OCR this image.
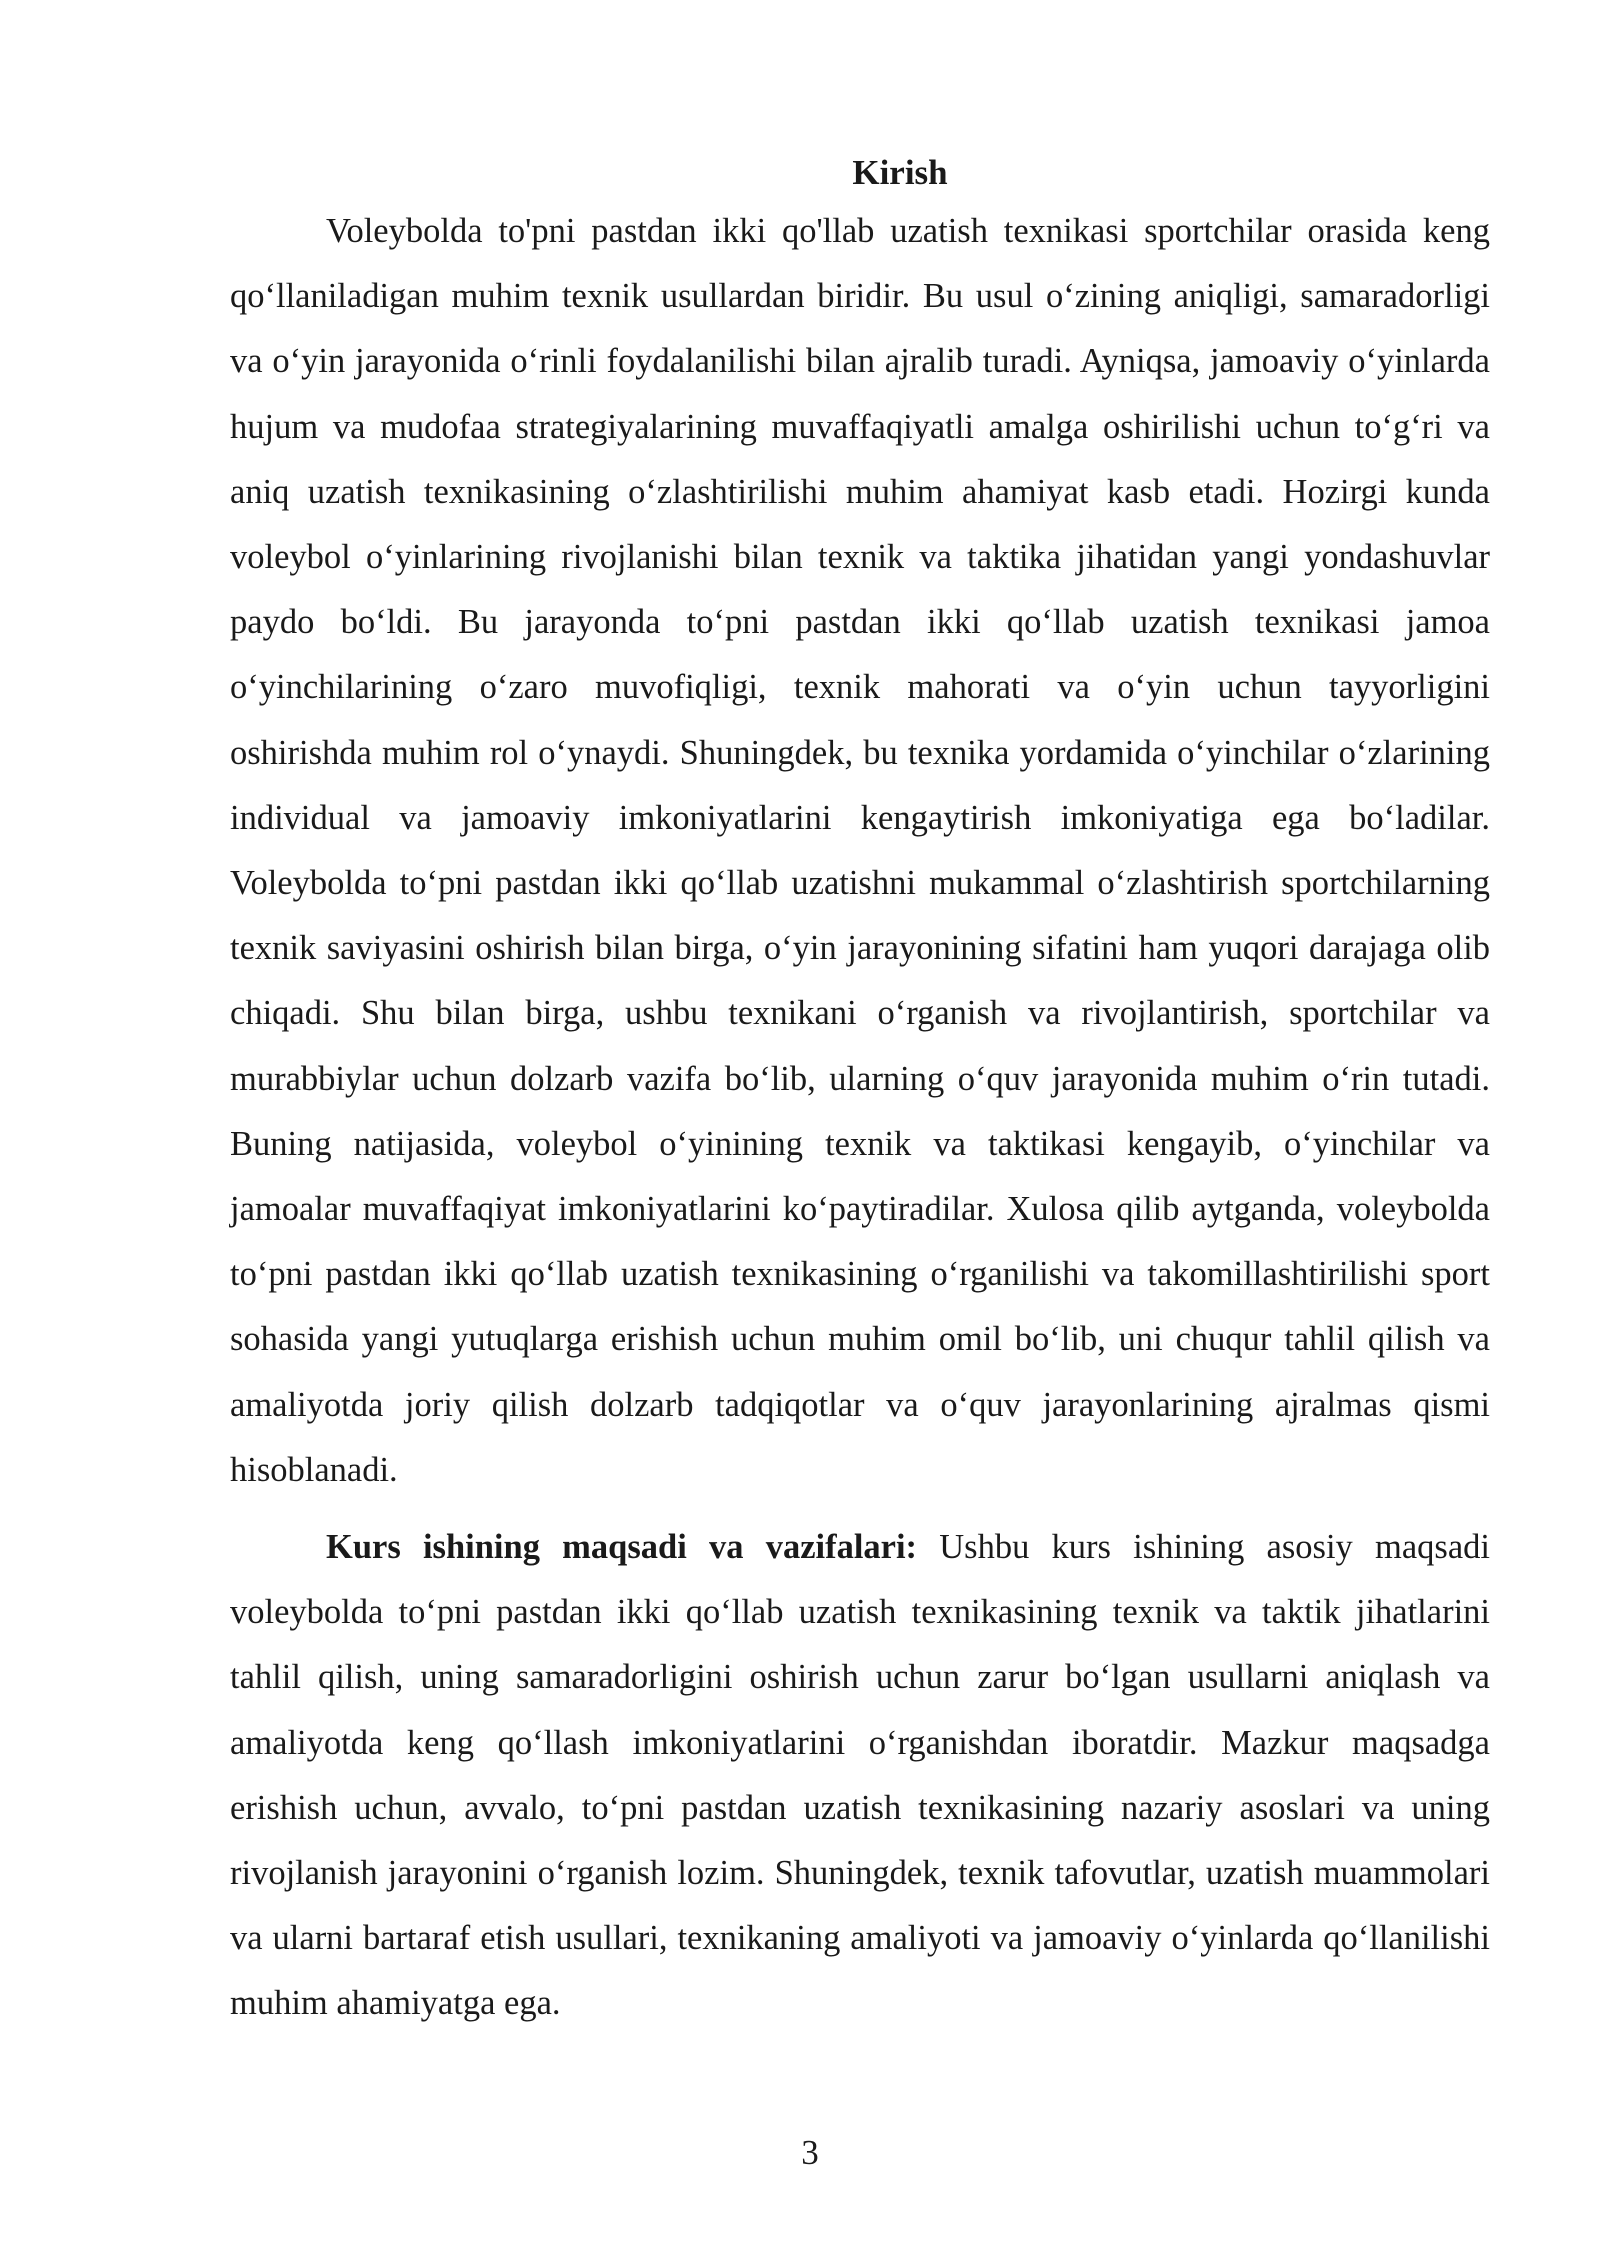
Kirish

Voleybolda to'pni pastdan ikki qo'llab uzatish texnikasi sportchilar orasida keng qo‘llaniladigan muhim texnik usullardan biridir. Bu usul o‘zining aniqligi, samaradorligi va o‘yin jarayonida o‘rinli foydalanilishi bilan ajralib turadi. Ayniqsa, jamoaviy o‘yinlarda hujum va mudofaa strategiyalarining muvaffaqiyatli amalga oshirilishi uchun to‘g‘ri va aniq uzatish texnikasining o‘zlashtirilishi muhim ahamiyat kasb etadi. Hozirgi kunda voleybol o‘yinlarining rivojlanishi bilan texnik va taktika jihatidan yangi yondashuvlar paydo bo‘ldi. Bu jarayonda to‘pni pastdan ikki qo‘llab uzatish texnikasi jamoa o‘yinchilarining o‘zaro muvofiqligi, texnik mahorati va o‘yin uchun tayyorligini oshirishda muhim rol o‘ynaydi. Shuningdek, bu texnika yordamida o‘yinchilar o‘zlarining individual va jamoaviy imkoniyatlarini kengaytirish imkoniyatiga ega bo‘ladilar. Voleybolda to‘pni pastdan ikki qo‘llab uzatishni mukammal o‘zlashtirish sportchilarning texnik saviyasini oshirish bilan birga, o‘yin jarayonining sifatini ham yuqori darajaga olib chiqadi. Shu bilan birga, ushbu texnikani o‘rganish va rivojlantirish, sportchilar va murabbiylar uchun dolzarb vazifa bo‘lib, ularning o‘quv jarayonida muhim o‘rin tutadi. Buning natijasida, voleybol o‘yinining texnik va taktikasi kengayib, o‘yinchilar va jamoalar muvaffaqiyat imkoniyatlarini ko‘paytiradilar. Xulosa qilib aytganda, voleybolda to‘pni pastdan ikki qo‘llab uzatish texnikasining o‘rganilishi va takomillashtirilishi sport sohasida yangi yutuqlarga erishish uchun muhim omil bo‘lib, uni chuqur tahlil qilish va amaliyotda joriy qilish dolzarb tadqiqotlar va o‘quv jarayonlarining ajralmas qismi hisoblanadi.

Kurs ishining maqsadi va vazifalari: Ushbu kurs ishining asosiy maqsadi voleybolda to‘pni pastdan ikki qo‘llab uzatish texnikasining texnik va taktik jihatlarini tahlil qilish, uning samaradorligini oshirish uchun zarur bo‘lgan usullarni aniqlash va amaliyotda keng qo‘llash imkoniyatlarini o‘rganishdan iboratdir. Mazkur maqsadga erishish uchun, avvalo, to‘pni pastdan uzatish texnikasining nazariy asoslari va uning rivojlanish jarayonini o‘rganish lozim. Shuningdek, texnik tafovutlar, uzatish muammolari va ularni bartaraf etish usullari, texnikaning amaliyoti va jamoaviy o‘yinlarda qo‘llanilishi muhim ahamiyatga ega.

3
